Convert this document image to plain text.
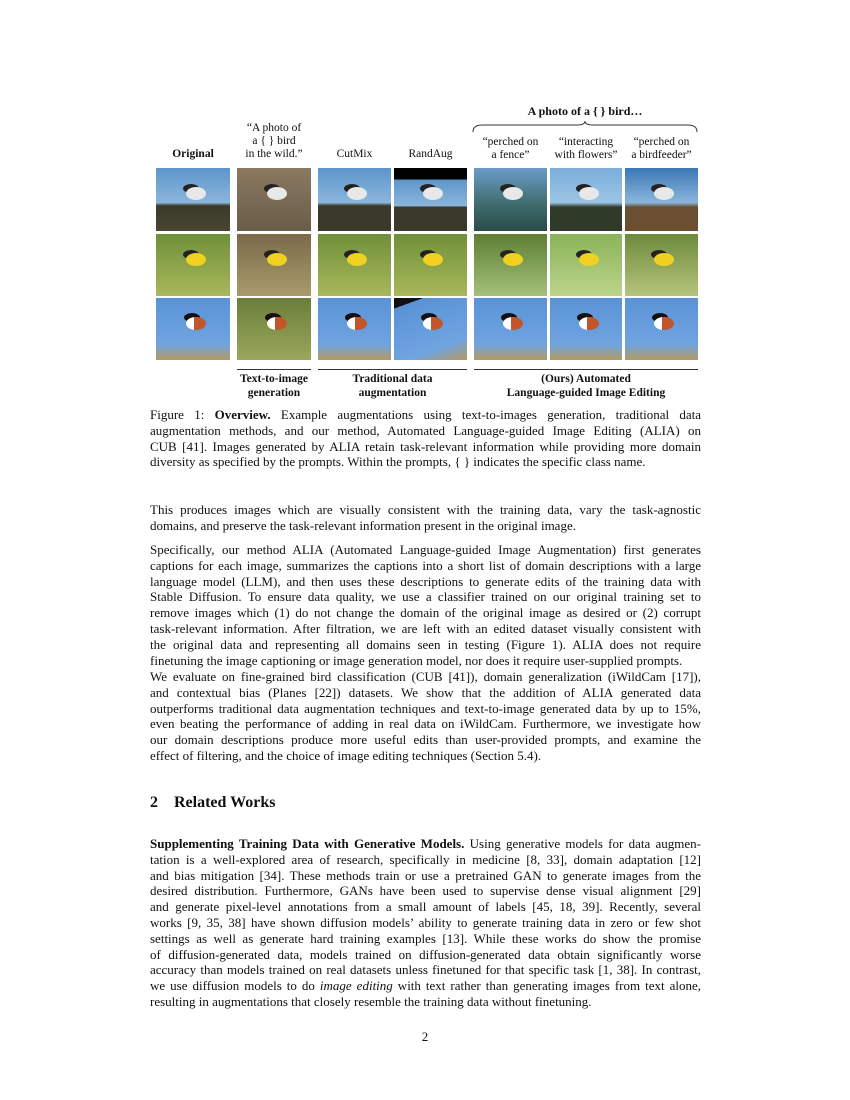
A photo of a { } bird…
Original
“A photo of
a { } bird
in the wild.”	CutMix	RandAug
“perched on
a fence”
“interacting
with flowers”
“perched on
a birdfeeder”
Text-to-image
generation
Traditional data
augmentation
(Ours) Automated
Language-guided Image Editing
Figure 1: Overview. Example augmentations using text-to-images generation, traditional data
augmentation methods, and our method, Automated Language-guided Image Editing (ALIA) on
CUB [41]. Images generated by ALIA retain task-relevant information while providing more domain
diversity as specified by the prompts. Within the prompts, { } indicates the specific class name.
This produces images which are visually consistent with the training data, vary the task-agnostic
domains, and preserve the task-relevant information present in the original image.
Specifically, our method ALIA (Automated Language-guided Image Augmentation) first generates
captions for each image, summarizes the captions into a short list of domain descriptions with a large
language model (LLM), and then uses these descriptions to generate edits of the training data with
Stable Diffusion. To ensure data quality, we use a classifier trained on our original training set to
remove images which (1) do not change the domain of the original image as desired or (2) corrupt
task-relevant information. After filtration, we are left with an edited dataset visually consistent with
the original data and representing all domains seen in testing (Figure 1). ALIA does not require
finetuning the image captioning or image generation model, nor does it require user-supplied prompts.
We evaluate on fine-grained bird classification (CUB [41]), domain generalization (iWildCam [17]),
and contextual bias (Planes [22]) datasets. We show that the addition of ALIA generated data
outperforms traditional data augmentation techniques and text-to-image generated data by up to 15%,
even beating the performance of adding in real data on iWildCam. Furthermore, we investigate how
our domain descriptions produce more useful edits than user-provided prompts, and examine the
effect of filtering, and the choice of image editing techniques (Section 5.4).
2 Related Works
Supplementing Training Data with Generative Models. Using generative models for data augmen-
tation is a well-explored area of research, specifically in medicine [8, 33], domain adaptation [12]
and bias mitigation [34]. These methods train or use a pretrained GAN to generate images from the
desired distribution. Furthermore, GANs have been used to supervise dense visual alignment [29]
and generate pixel-level annotations from a small amount of labels [45, 18, 39]. Recently, several
works [9, 35, 38] have shown diffusion models’ ability to generate training data in zero or few shot
settings as well as generate hard training examples [13]. While these works do show the promise
of diffusion-generated data, models trained on diffusion-generated data obtain significantly worse
accuracy than models trained on real datasets unless finetuned for that specific task [1, 38]. In contrast,
we use diffusion models to do image editing with text rather than generating images from text alone,
resulting in augmentations that closely resemble the training data without finetuning.
2
